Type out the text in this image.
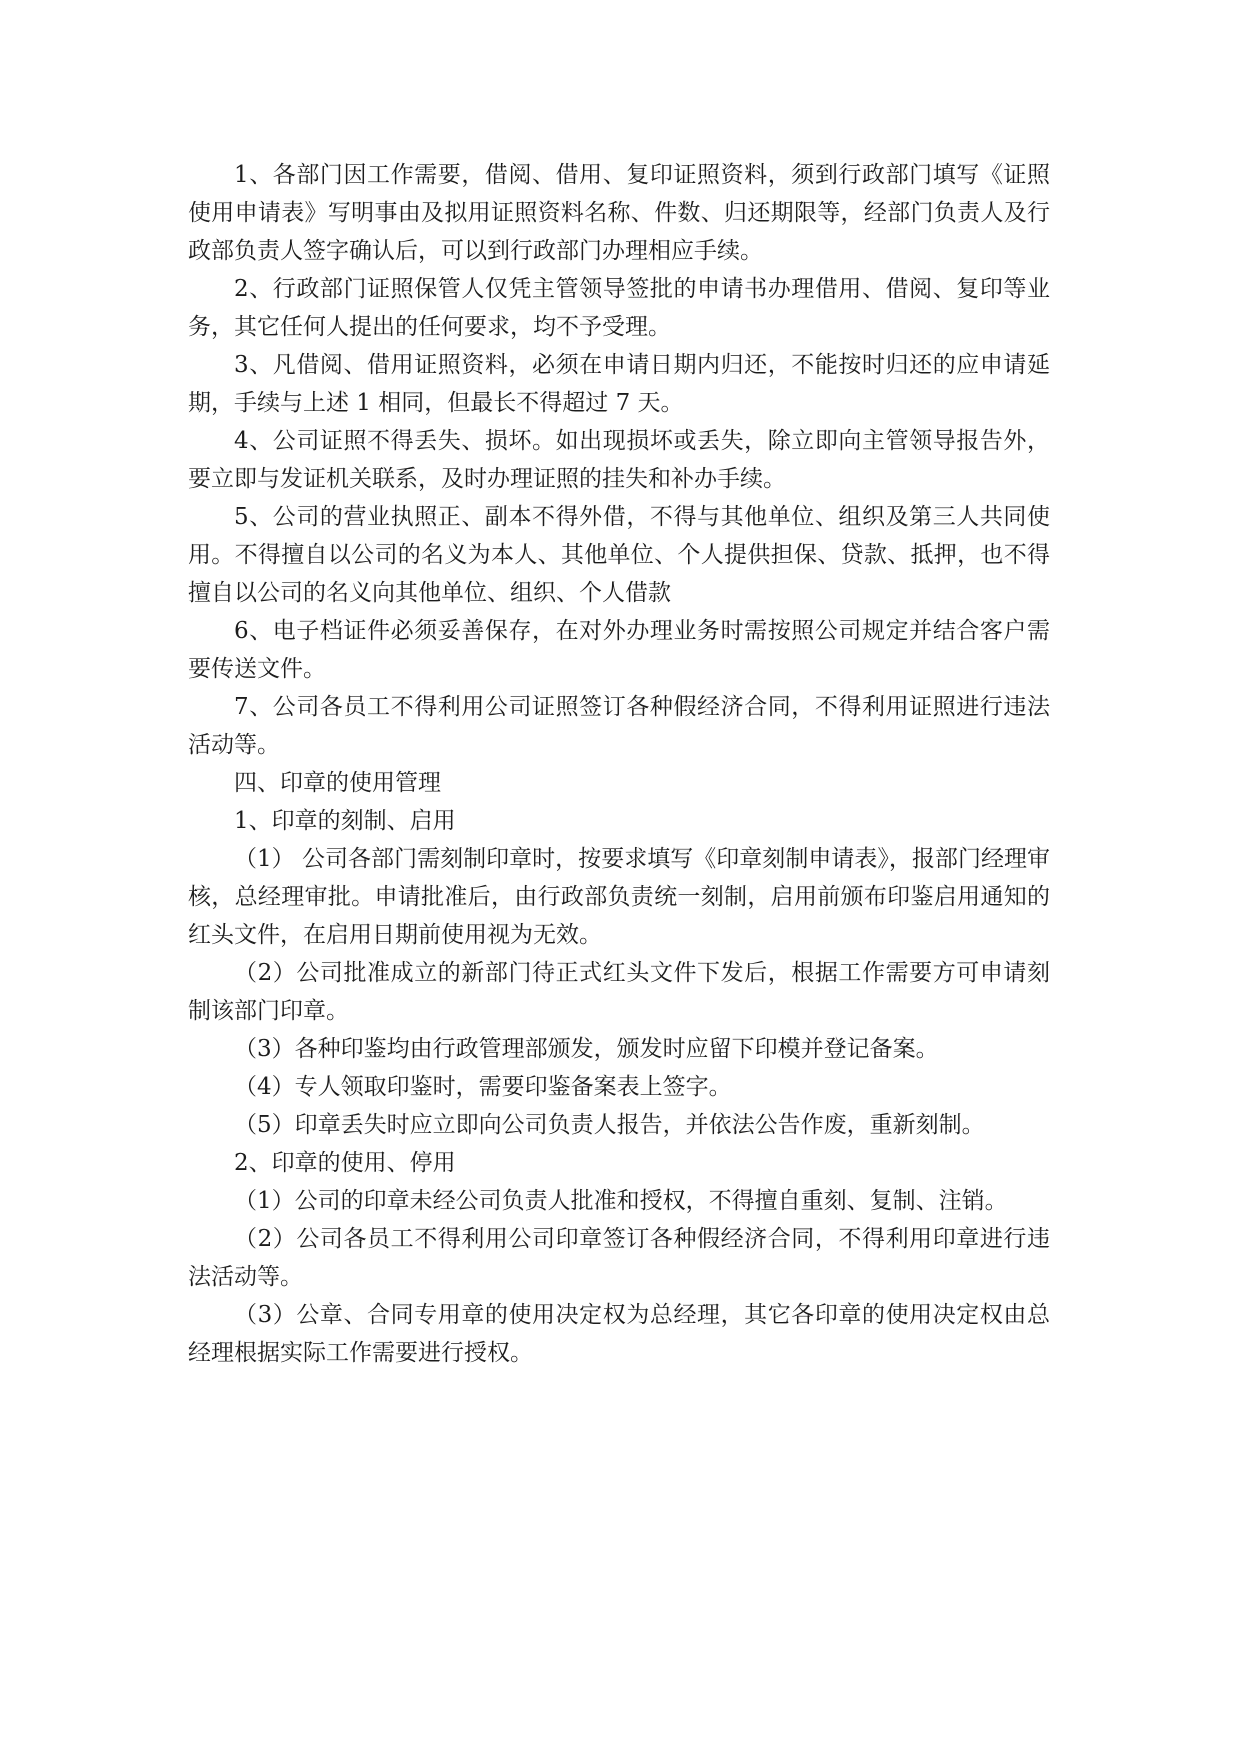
1、各部门因工作需要，借阅、借用、复印证照资料，须到行政部门填写《证照使用申请表》写明事由及拟用证照资料名称、件数、归还期限等，经部门负责人及行政部负责人签字确认后，可以到行政部门办理相应手续。

2、行政部门证照保管人仅凭主管领导签批的申请书办理借用、借阅、复印等业务，其它任何人提出的任何要求，均不予受理。

3、凡借阅、借用证照资料，必须在申请日期内归还，不能按时归还的应申请延期，手续与上述 1 相同，但最长不得超过 7 天。

4、公司证照不得丢失、损坏。如出现损坏或丢失，除立即向主管领导报告外，要立即与发证机关联系，及时办理证照的挂失和补办手续。

5、公司的营业执照正、副本不得外借，不得与其他单位、组织及第三人共同使用。不得擅自以公司的名义为本人、其他单位、个人提供担保、贷款、抵押，也不得擅自以公司的名义向其他单位、组织、个人借款

6、电子档证件必须妥善保存，在对外办理业务时需按照公司规定并结合客户需要传送文件。

7、公司各员工不得利用公司证照签订各种假经济合同，不得利用证照进行违法活动等。

四、印章的使用管理

1、印章的刻制、启用

（1） 公司各部门需刻制印章时，按要求填写《印章刻制申请表》，报部门经理审核，总经理审批。申请批准后，由行政部负责统一刻制，启用前颁布印鉴启用通知的红头文件，在启用日期前使用视为无效。

（2）公司批准成立的新部门待正式红头文件下发后，根据工作需要方可申请刻制该部门印章。

（3）各种印鉴均由行政管理部颁发，颁发时应留下印模并登记备案。

（4）专人领取印鉴时，需要印鉴备案表上签字。

（5）印章丢失时应立即向公司负责人报告，并依法公告作废，重新刻制。

2、印章的使用、停用

（1）公司的印章未经公司负责人批准和授权，不得擅自重刻、复制、注销。

（2）公司各员工不得利用公司印章签订各种假经济合同，不得利用印章进行违法活动等。

（3）公章、合同专用章的使用决定权为总经理，其它各印章的使用决定权由总经理根据实际工作需要进行授权。
